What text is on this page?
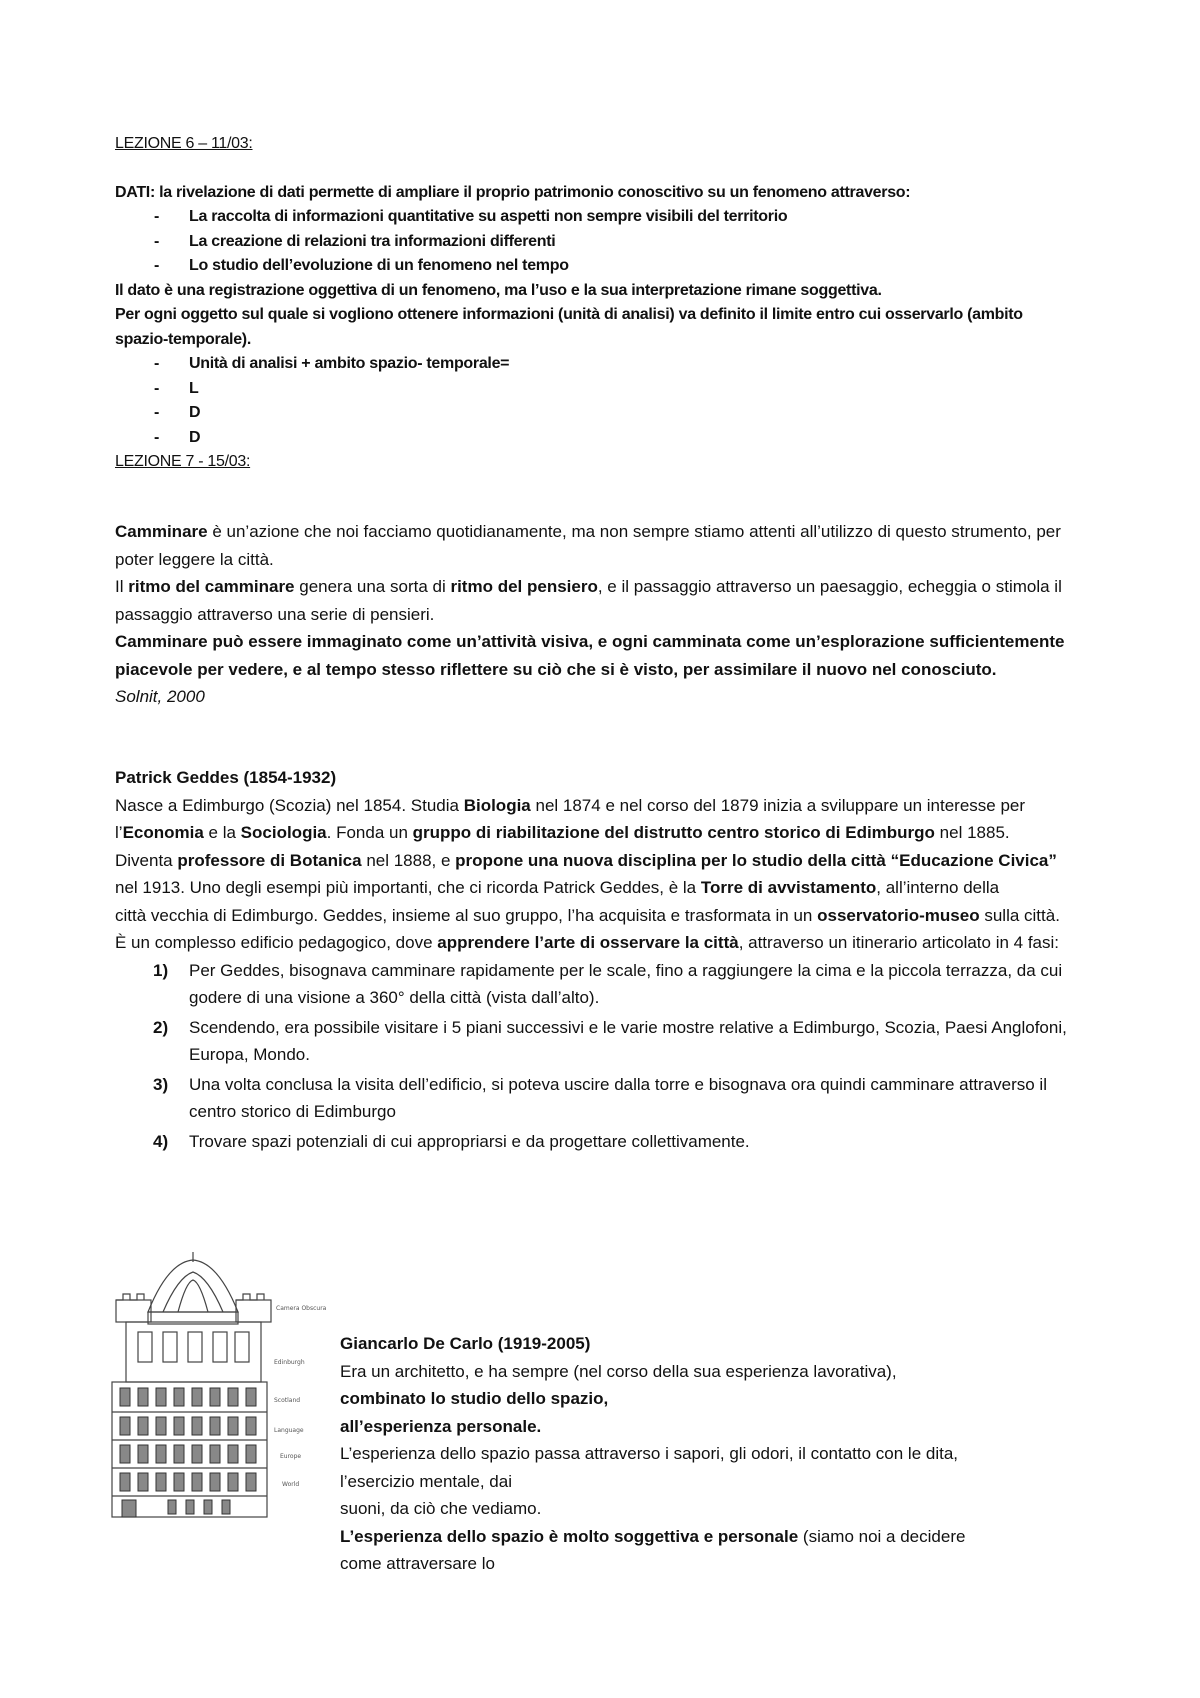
LEZIONE 6 – 11/03:
DATI: la rivelazione di dati permette di ampliare il proprio patrimonio conoscitivo su un fenomeno attraverso:
- La raccolta di informazioni quantitative su aspetti non sempre visibili del territorio
- La creazione di relazioni tra informazioni differenti
- Lo studio dell’evoluzione di un fenomeno nel tempo
Il dato è una registrazione oggettiva di un fenomeno, ma l’uso e la sua interpretazione rimane soggettiva.
Per ogni oggetto sul quale si vogliono ottenere informazioni (unità di analisi) va definito il limite entro cui osservarlo (ambito spazio-temporale).
- Unità di analisi + ambito spazio- temporale=
- L
- D
- D
LEZIONE 7 - 15/03:

Camminare è un’azione che noi facciamo quotidianamente, ma non sempre stiamo attenti all’utilizzo di questo strumento, per poter leggere la città.

Il ritmo del camminare genera una sorta di ritmo del pensiero, e il passaggio attraverso un paesaggio, echeggia o stimola il passaggio attraverso una serie di pensieri.

Camminare può essere immaginato come un’attività visiva, e ogni camminata come un’esplorazione sufficientemente piacevole per vedere, e al tempo stesso riflettere su ciò che si è visto, per assimilare il nuovo nel conosciuto.

Solnit, 2000

Patrick Geddes (1854-1932)

Nasce a Edimburgo (Scozia) nel 1854. Studia Biologia nel 1874 e nel corso del 1879 inizia a sviluppare un interesse per l’Economia e la Sociologia. Fonda un gruppo di riabilitazione del distrutto centro storico di Edimburgo nel 1885.

Diventa professore di Botanica nel 1888, e propone una nuova disciplina per lo studio della città “Educazione Civica” nel 1913. Uno degli esempi più importanti, che ci ricorda Patrick Geddes, è la Torre di avvistamento, all’interno della

città vecchia di Edimburgo. Geddes, insieme al suo gruppo, l’ha acquisita e trasformata in un osservatorio-museo sulla città. È un complesso edificio pedagogico, dove apprendere l’arte di osservare la città, attraverso un itinerario articolato in 4 fasi:

1) Per Geddes, bisognava camminare rapidamente per le scale, fino a raggiungere la cima e la piccola terrazza, da cui godere di una visione a 360° della città (vista dall’alto).
2) Scendendo, era possibile visitare i 5 piani successivi e le varie mostre relative a Edimburgo, Scozia, Paesi Anglofoni, Europa, Mondo.
3) Una volta conclusa la visita dell’edificio, si poteva uscire dalla torre e bisognava ora quindi camminare attraverso il centro storico di Edimburgo
4) Trovare spazi potenziali di cui appropriarsi e da progettare collettivamente.
Camera Obscura
Edinburgh
Scotland
Language
Europe
World

Giancarlo De Carlo (1919-2005)

Era un architetto, e ha sempre (nel corso della sua esperienza lavorativa),

combinato lo studio dello spazio,

all’esperienza personale.

L’esperienza dello spazio passa attraverso i sapori, gli odori, il contatto con le dita,

l’esercizio mentale, dai

suoni, da ciò che vediamo.

L’esperienza dello spazio è molto soggettiva e personale (siamo noi a decidere

come attraversare lo
